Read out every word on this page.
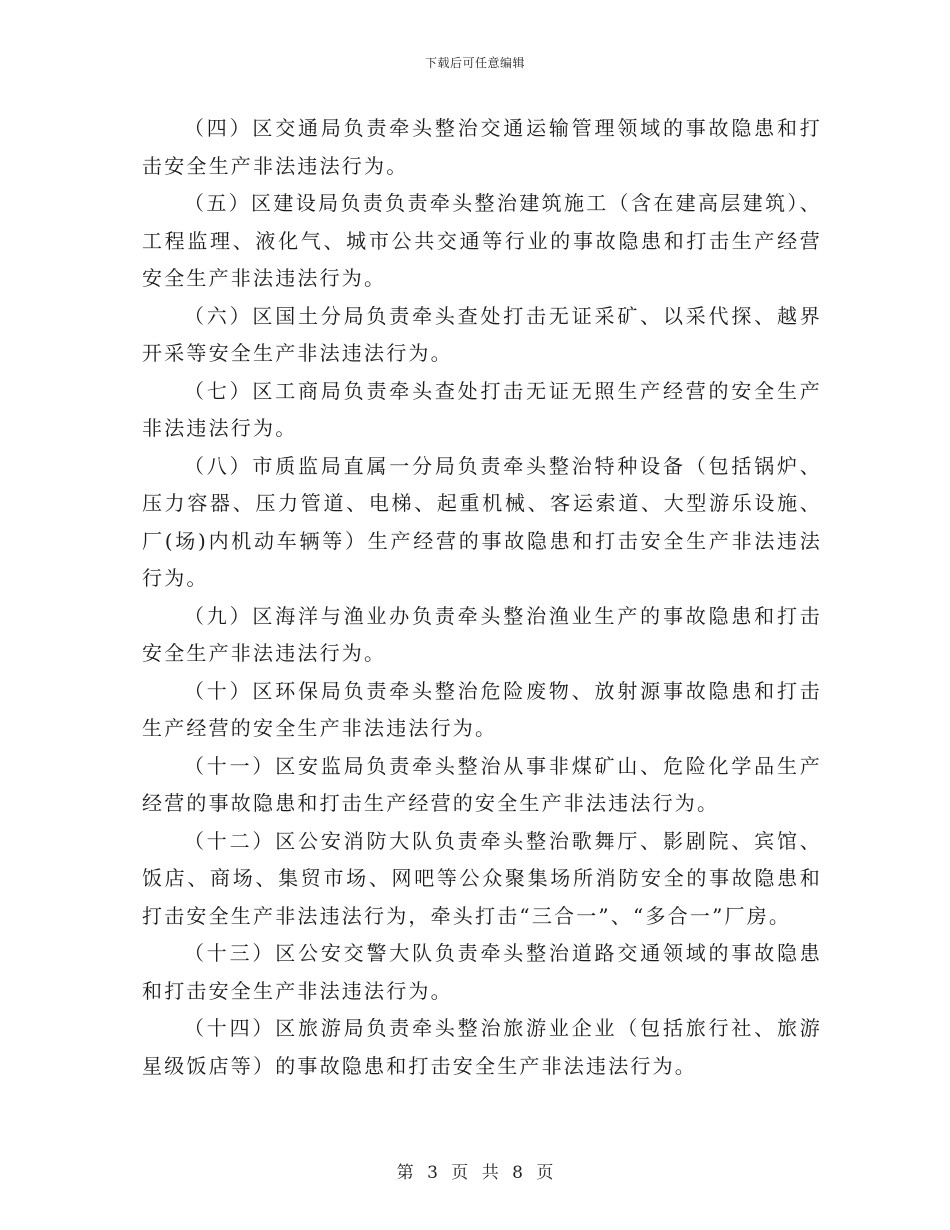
下载后可任意编辑

（四）区交通局负责牵头整治交通运输管理领域的事故隐患和打击安全生产非法违法行为。

（五）区建设局负责负责牵头整治建筑施工（含在建高层建筑）、工程监理、液化气、城市公共交通等行业的事故隐患和打击生产经营安全生产非法违法行为。

（六）区国土分局负责牵头查处打击无证采矿、以采代探、越界开采等安全生产非法违法行为。

（七）区工商局负责牵头查处打击无证无照生产经营的安全生产非法违法行为。

（八）市质监局直属一分局负责牵头整治特种设备（包括锅炉、压力容器、压力管道、电梯、起重机械、客运索道、大型游乐设施、厂(场)内机动车辆等）生产经营的事故隐患和打击安全生产非法违法行为。

（九）区海洋与渔业办负责牵头整治渔业生产的事故隐患和打击安全生产非法违法行为。

（十）区环保局负责牵头整治危险废物、放射源事故隐患和打击生产经营的安全生产非法违法行为。

（十一）区安监局负责牵头整治从事非煤矿山、危险化学品生产经营的事故隐患和打击生产经营的安全生产非法违法行为。

（十二）区公安消防大队负责牵头整治歌舞厅、影剧院、宾馆、饭店、商场、集贸市场、网吧等公众聚集场所消防安全的事故隐患和打击安全生产非法违法行为，牵头打击“三合一”、“多合一”厂房。

（十三）区公安交警大队负责牵头整治道路交通领域的事故隐患和打击安全生产非法违法行为。

（十四）区旅游局负责牵头整治旅游业企业（包括旅行社、旅游星级饭店等）的事故隐患和打击安全生产非法违法行为。

第 3 页 共 8 页
